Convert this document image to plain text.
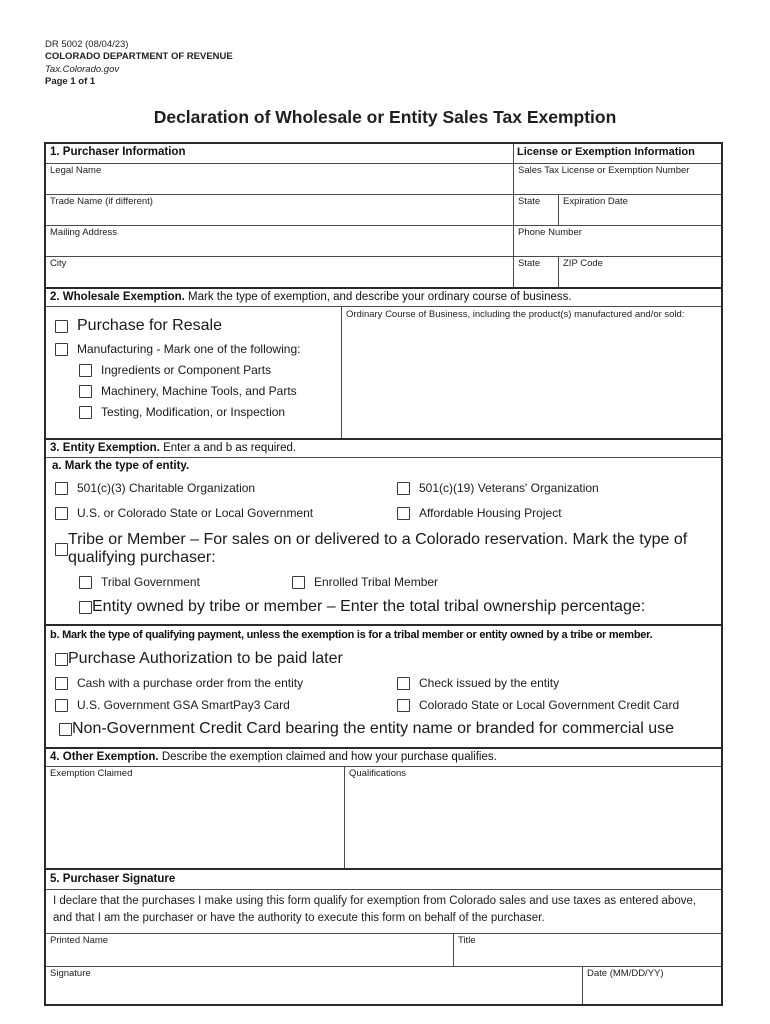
DR 5002 (08/04/23)
COLORADO DEPARTMENT OF REVENUE
Tax.Colorado.gov
Page 1 of 1
Declaration of Wholesale or Entity Sales Tax Exemption
1. Purchaser Information	License or Exemption Information
Legal Name	Sales Tax License or Exemption Number
Trade Name (if different)	State	Expiration Date
Mailing Address	Phone Number
City	State	ZIP Code
2. Wholesale Exemption. Mark the type of exemption, and describe your ordinary course of business.
Purchase for Resale
Manufacturing - Mark one of the following:
Ingredients or Component Parts
Machinery, Machine Tools, and Parts
Testing, Modification, or Inspection
Ordinary Course of Business, including the product(s) manufactured and/or sold:
3. Entity Exemption. Enter a and b as required.
a. Mark the type of entity.
501(c)(3) Charitable Organization	501(c)(19) Veterans' Organization
U.S. or Colorado State or Local Government	Affordable Housing Project
Tribe or Member – For sales on or delivered to a Colorado reservation. Mark the type of qualifying purchaser:
Tribal Government	Enrolled Tribal Member
Entity owned by tribe or member – Enter the total tribal ownership percentage:
b. Mark the type of qualifying payment, unless the exemption is for a tribal member or entity owned by a tribe or member.
Purchase Authorization to be paid later
Cash with a purchase order from the entity	Check issued by the entity
U.S. Government GSA SmartPay3 Card	Colorado State or Local Government Credit Card
Non-Government Credit Card bearing the entity name or branded for commercial use
4. Other Exemption. Describe the exemption claimed and how your purchase qualifies.
Exemption Claimed	Qualifications
5. Purchaser Signature
I declare that the purchases I make using this form qualify for exemption from Colorado sales and use taxes as entered above, and that I am the purchaser or have the authority to execute this form on behalf of the purchaser.
Printed Name	Title
Signature	Date (MM/DD/YY)
